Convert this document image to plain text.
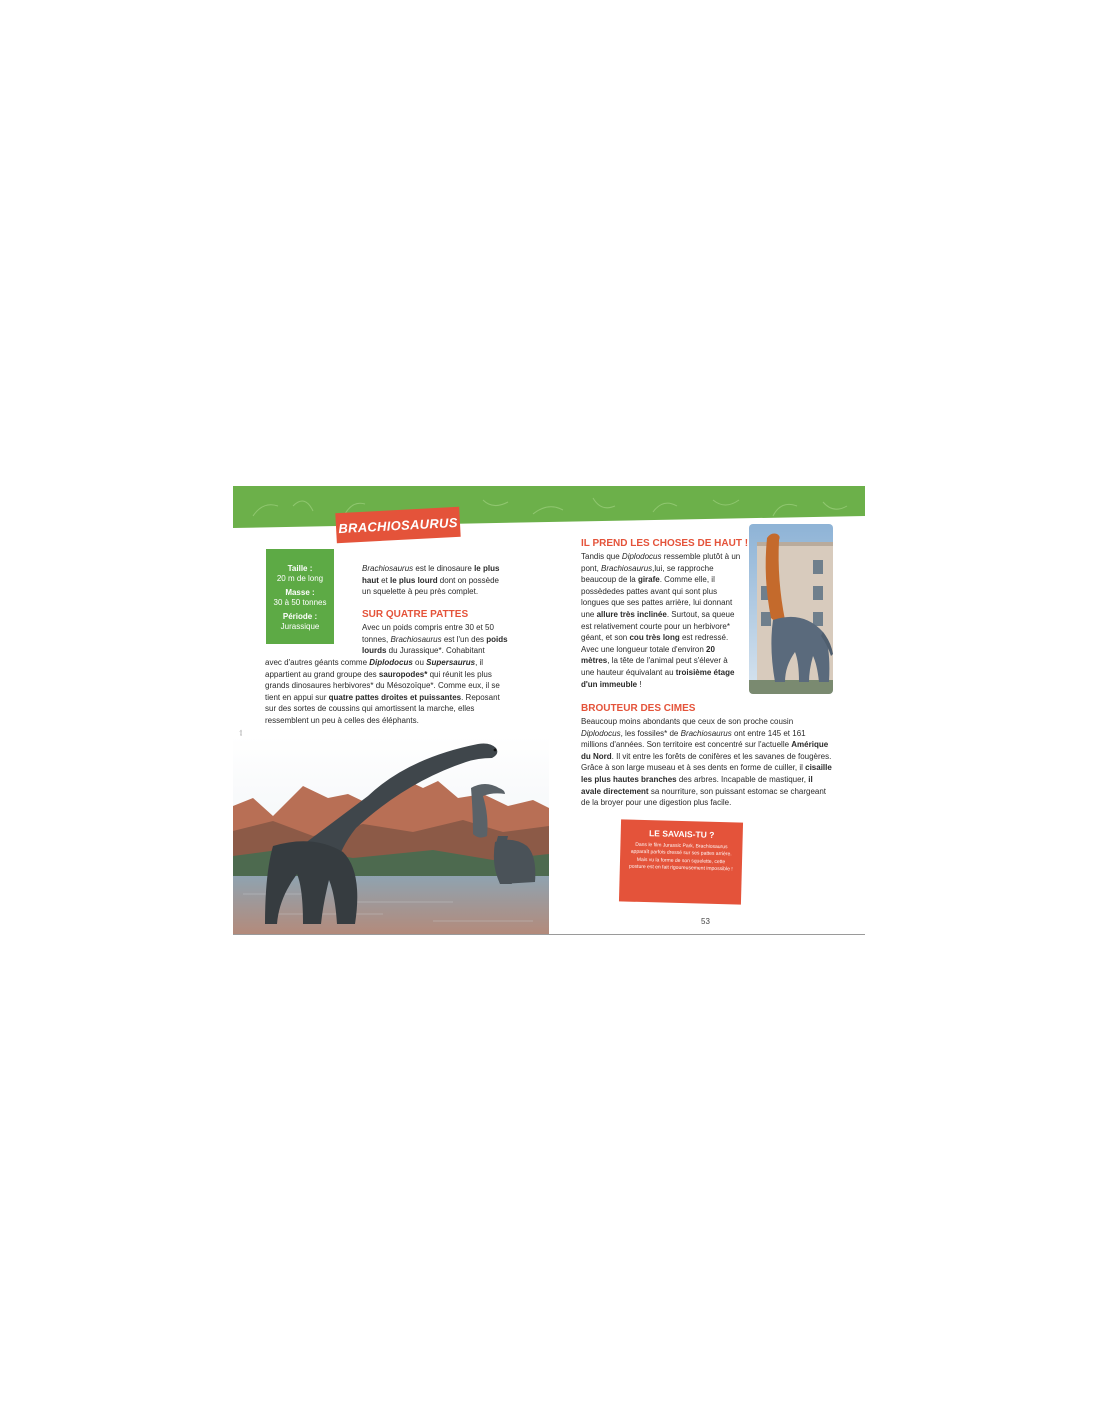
BRACHIOSAURUS
Taille :
20 m de long
Masse :
30 à 50 tonnes
Période :
Jurassique
Brachiosaurus est le dinosaure le plus haut et le plus lourd dont on possède un squelette à peu près complet.
SUR QUATRE PATTES
Avec un poids compris entre 30 et 50 tonnes, Brachiosaurus est l'un des poids lourds du Jurassique*. Cohabitant
avec d'autres géants comme Diplodocus ou Supersaurus, il appartient au grand groupe des sauropodes* qui réunit les plus grands dinosaures herbivores* du Mésozoïque*. Comme eux, il se tient en appui sur quatre pattes droites et puissantes. Reposant sur des sortes de coussins qui amortissent la marche, elles ressemblent un peu à celles des éléphants.
IL PREND LES CHOSES DE HAUT !
Tandis que Diplodocus ressemble plutôt à un pont, Brachiosaurus,lui, se rapproche beaucoup de la girafe. Comme elle, il possèdedes pattes avant qui sont plus longues que ses pattes arrière, lui donnant une allure très inclinée. Surtout, sa queue est relativement courte pour un herbivore* géant, et son cou très long est redressé. Avec une longueur totale d'environ 20 mètres, la tête de l'animal peut s'élever à une hauteur équivalant au troisième étage d'un immeuble !
BROUTEUR DES CIMES
Beaucoup moins abondants que ceux de son proche cousin Diplodocus, les fossiles* de Brachiosaurus ont entre 145 et 161 millions d'années. Son territoire est concentré sur l'actuelle Amérique du Nord. Il vit entre les forêts de conifères et les savanes de fougères. Grâce à son large museau et à ses dents en forme de cuiller, il cisaille les plus hautes branches des arbres. Incapable de mastiquer, il avale directement sa nourriture, son puissant estomac se chargeant de la broyer pour une digestion plus facile.
LE SAVAIS-TU ?
Dans le film Jurassic Park, Brachiosaurus apparaît parfois dressé sur ses pattes arrière. Mais vu la forme de son squelette, cette posture est en fait rigoureusement impossible !
53
